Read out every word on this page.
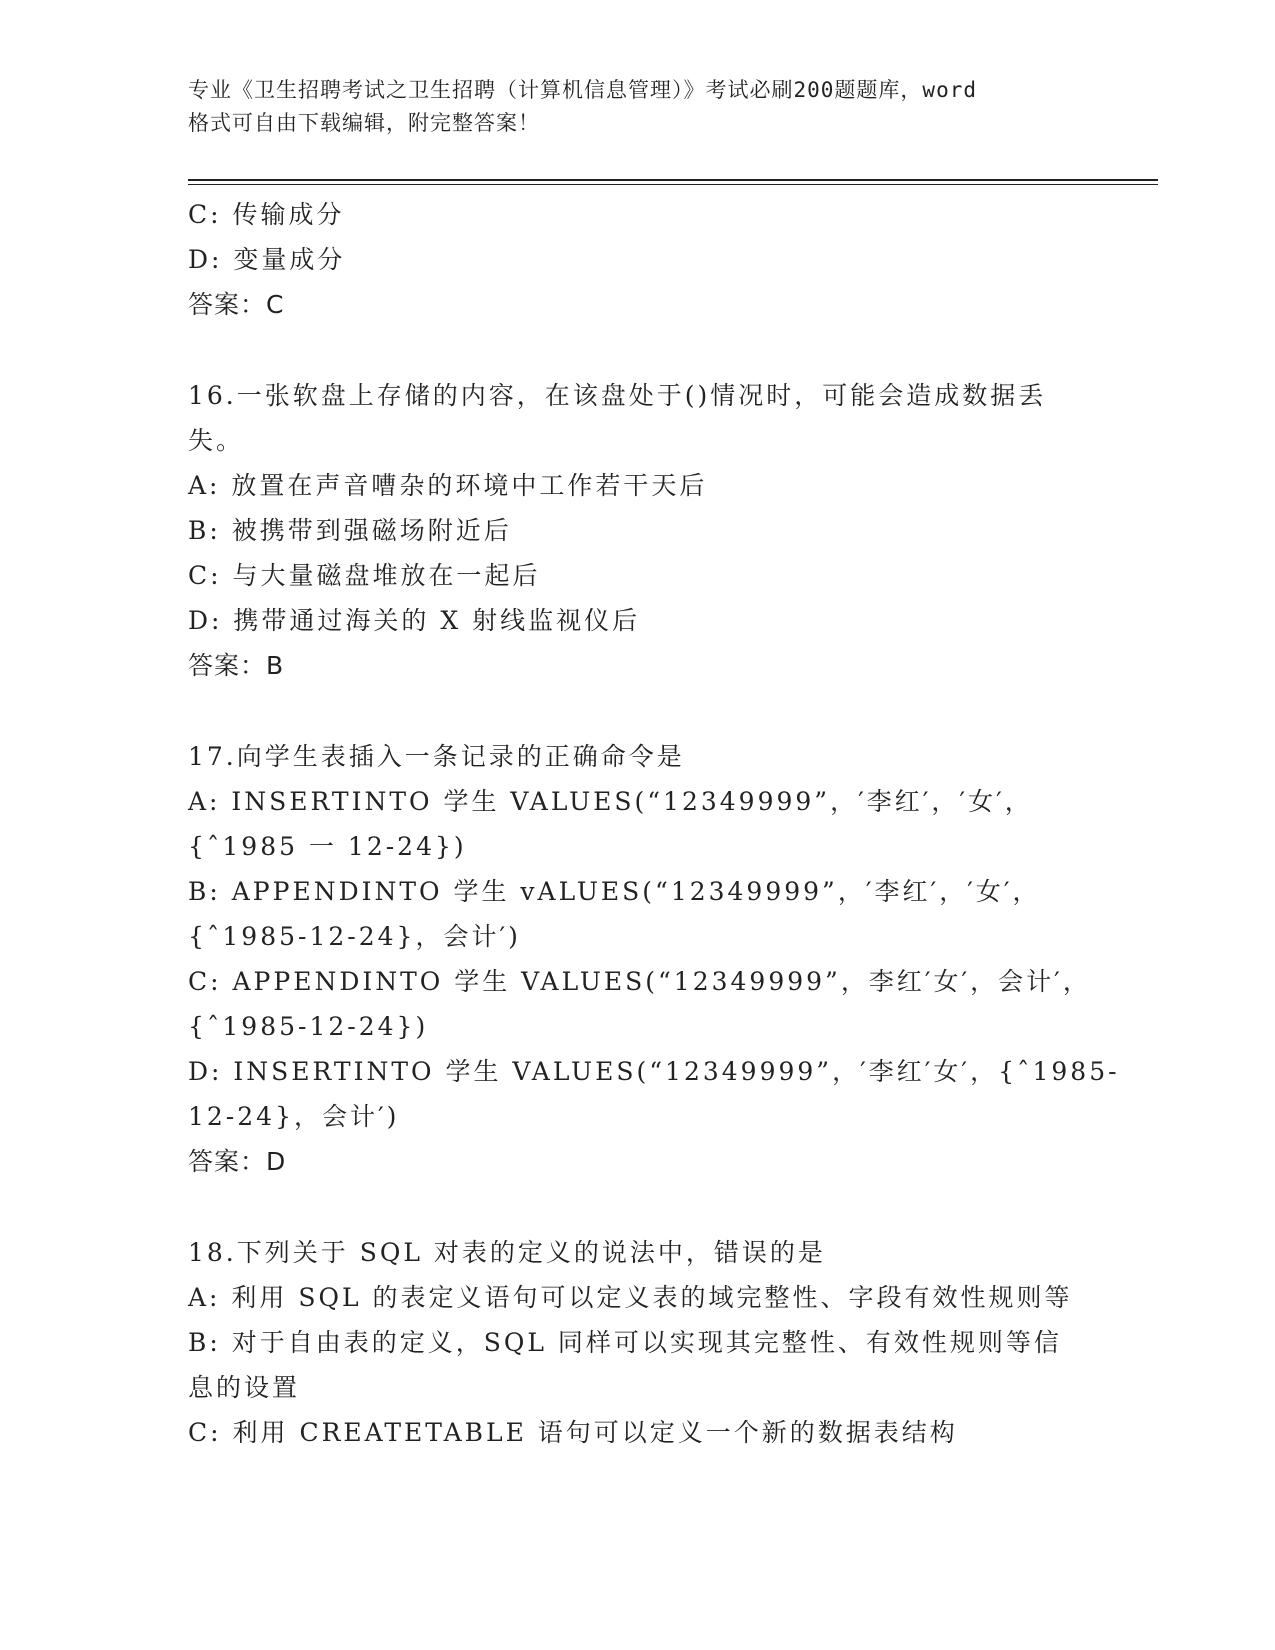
专业《卫生招聘考试之卫生招聘（计算机信息管理）》考试必刷200题题库，word
格式可自由下载编辑，附完整答案！
C: 传输成分
D: 变量成分
答案：C
16.一张软盘上存储的内容，在该盘处于()情况时，可能会造成数据丢
失。
A: 放置在声音嘈杂的环境中工作若干天后
B: 被携带到强磁场附近后
C: 与大量磁盘堆放在一起后
D: 携带通过海关的 X 射线监视仪后
答案：B
17.向学生表插入一条记录的正确命令是
A: INSERTINTO 学生 VALUES(“12349999”，′李红′，′女′，
{ˆ1985 一 12-24})
B: APPENDINTO 学生 vALUES(“12349999”，′李红′，′女′，
{ˆ1985-12-24}，会计′)
C: APPENDINTO 学生 VALUES(“12349999”，李红′女′，会计′，
{ˆ1985-12-24})
D: INSERTINTO 学生 VALUES(“12349999”，′李红′女′，{ˆ1985-
12-24}，会计′)
答案：D
18.下列关于 SQL 对表的定义的说法中，错误的是
A: 利用 SQL 的表定义语句可以定义表的域完整性、字段有效性规则等
B: 对于自由表的定义，SQL 同样可以实现其完整性、有效性规则等信
息的设置
C: 利用 CREATETABLE 语句可以定义一个新的数据表结构
